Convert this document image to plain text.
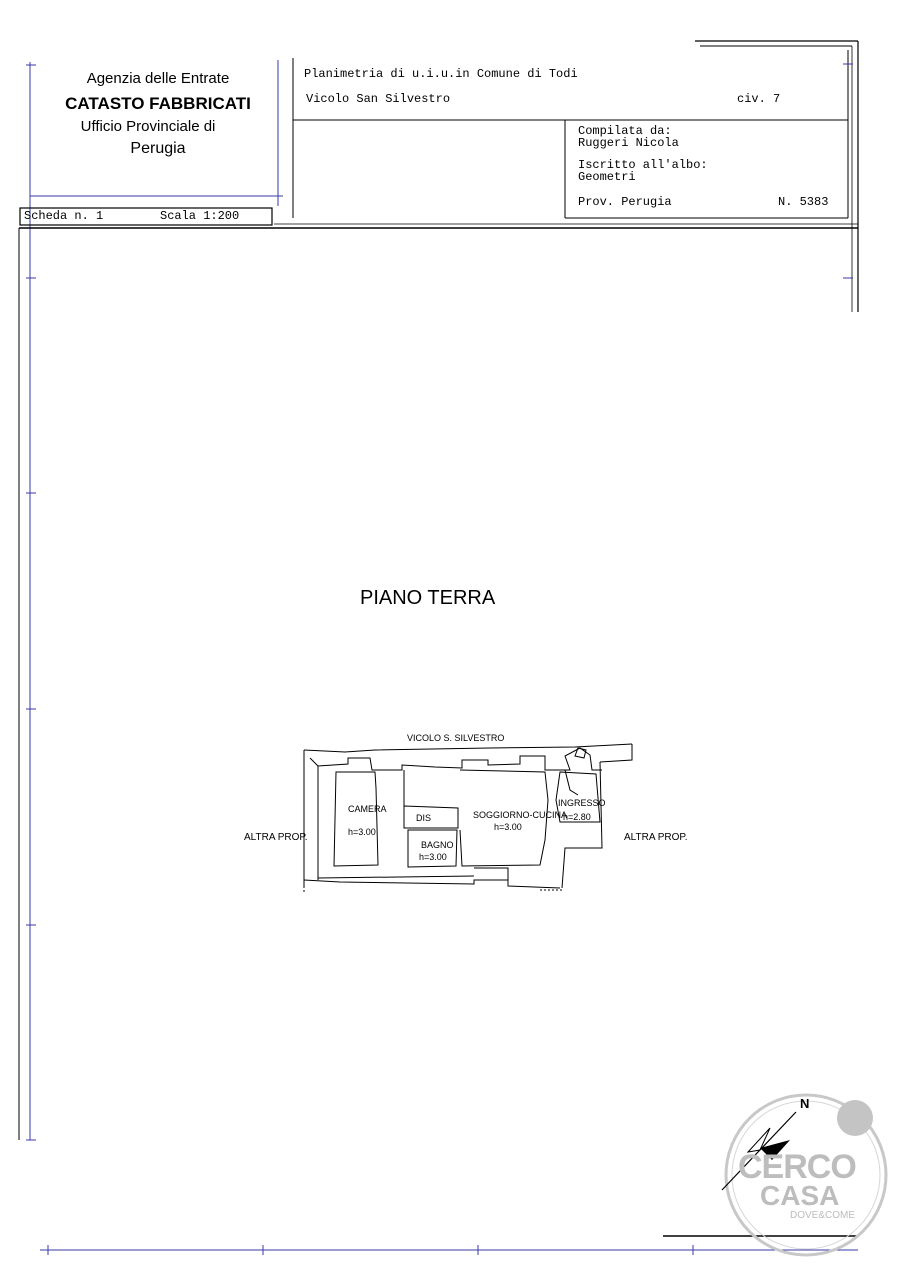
Agenzia delle Entrate
CATASTO FABBRICATI
Ufficio Provinciale di
Perugia
Scheda n. 1	Scala 1:200
Planimetria di u.i.u.in Comune di Todi
Vicolo San Silvestro	civ. 7
Compilata da:
Ruggeri Nicola
Iscritto all'albo:
Geometri
Prov. Perugia	N. 5383
PIANO TERRA
VICOLO S. SILVESTRO
ALTRA PROP.	ALTRA PROP.
CAMERA
h=3.00
DIS
BAGNO
h=3.00
SOGGIORNO-CUCINA
h=3.00
INGRESSO
h=2.80
N
CERCO
CASA
DOVE&COME
